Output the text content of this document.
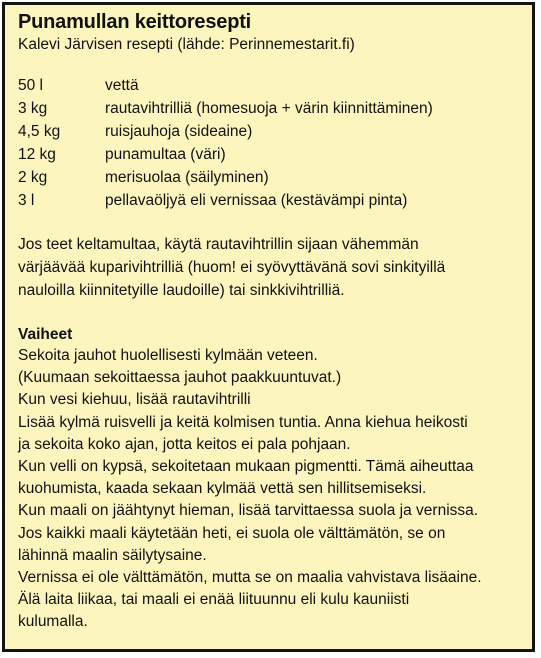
Punamullan keittoresepti

Kalevi Järvisen resepti (lähde: Perinnemestarit.fi)

50 l	vettä
3 kg	rautavihtrilliä (homesuoja + värin kiinnittäminen)
4,5 kg	ruisjauhoja (sideaine)
12 kg	punamultaa (väri)
2 kg	merisuolaa (säilyminen)
3 l	pellavaöljyä eli vernissaa (kestävämpi pinta)
Jos teet keltamultaa, käytä rautavihtrillin sijaan vähemmän
värjäävää kuparivihtrilliä (huom! ei syövyttävänä sovi sinkityillä
nauloilla kiinnitetyille laudoille) tai sinkkivihtrilliä.
Vaiheet

Sekoita jauhot huolellisesti kylmään veteen.

(Kuumaan sekoittaessa jauhot paakkuuntuvat.)

Kun vesi kiehuu, lisää rautavihtrilli

Lisää kylmä ruisvelli ja keitä kolmisen tuntia. Anna kiehua heikosti

ja sekoita koko ajan, jotta keitos ei pala pohjaan.

Kun velli on kypsä, sekoitetaan mukaan pigmentti. Tämä aiheuttaa

kuohumista, kaada sekaan kylmää vettä sen hillitsemiseksi.

Kun maali on jäähtynyt hieman, lisää tarvittaessa suola ja vernissa.

Jos kaikki maali käytetään heti, ei suola ole välttämätön, se on

lähinnä maalin säilytysaine.

Vernissa ei ole välttämätön, mutta se on maalia vahvistava lisäaine.

Älä laita liikaa, tai maali ei enää liituunnu eli kulu kauniisti

kulumalla.
